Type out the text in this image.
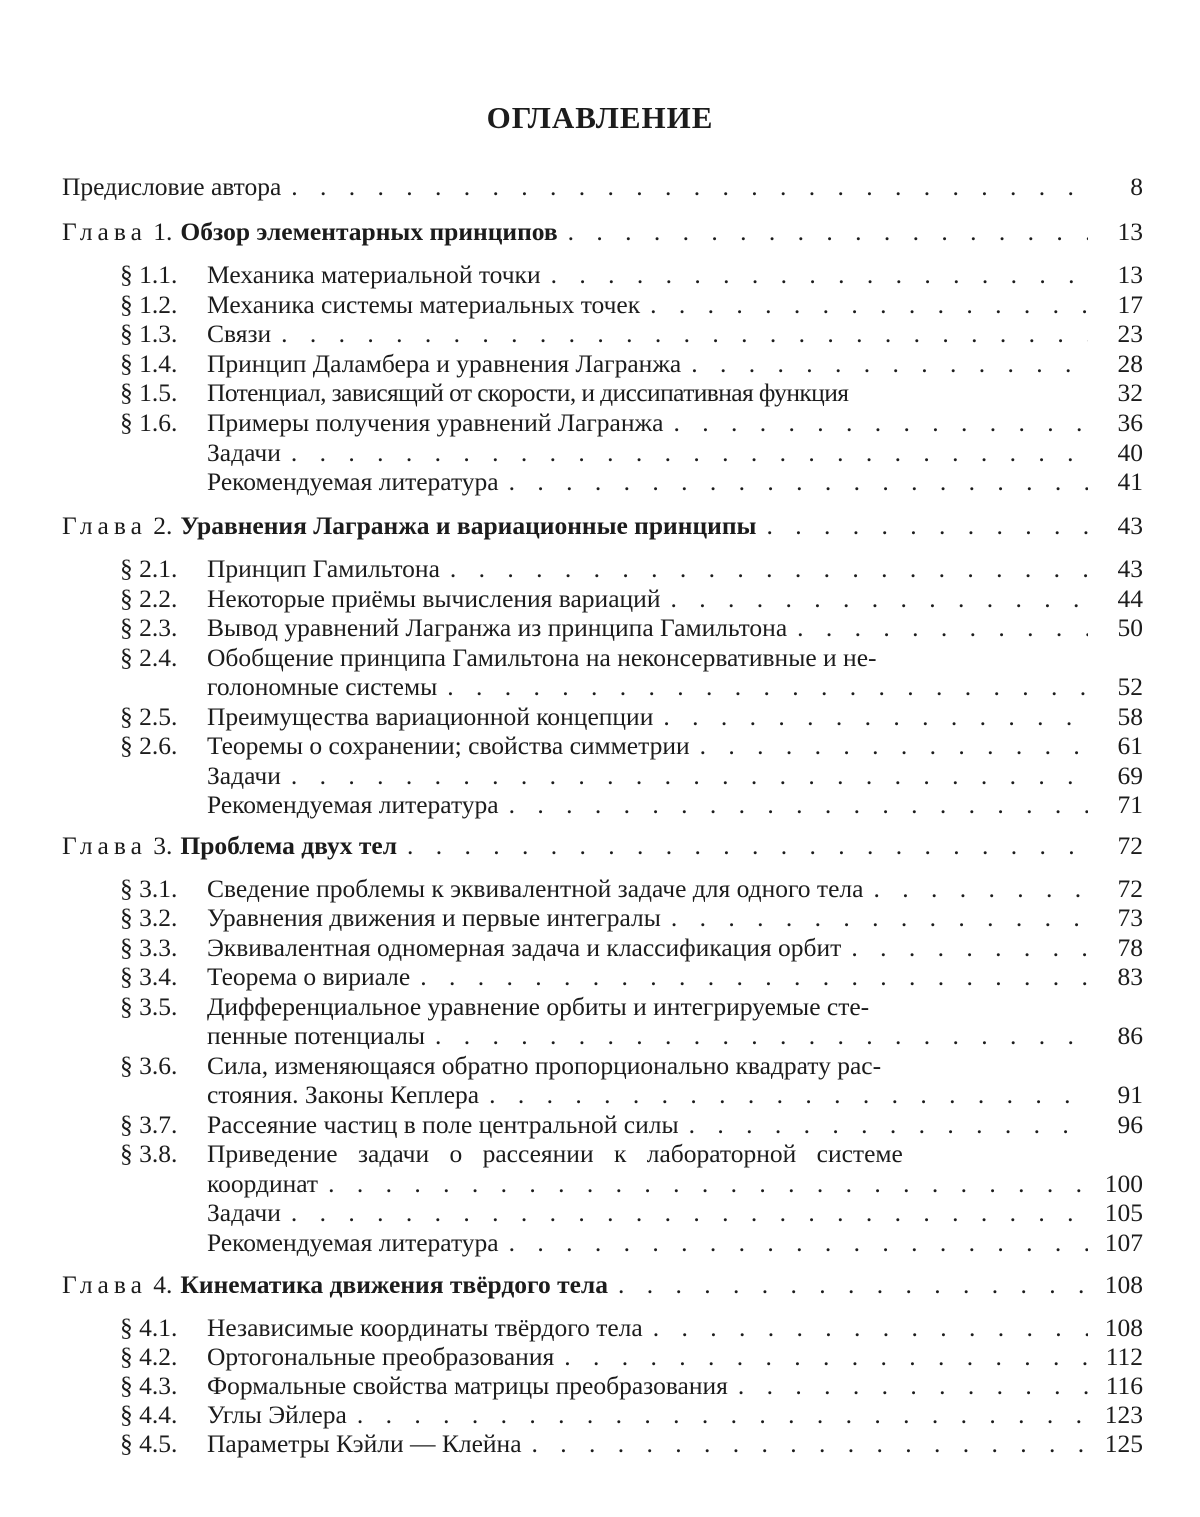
ОГЛАВЛЕНИЕ
Предисловие автора . . .	8
Глава 1. Обзор элементарных принципов . . .	13
§ 1.1.	Механика материальной точки . . .	13
§ 1.2.	Механика системы материальных точек . . .	17
§ 1.3.	Связи . . .	23
§ 1.4.	Принцип Даламбера и уравнения Лагранжа . . .	28
§ 1.5.	Потенциал, зависящий от скорости, и диссипативная функция	32
§ 1.6.	Примеры получения уравнений Лагранжа . . .	36
Задачи . . .	40
Рекомендуемая литература . . .	41
Глава 2. Уравнения Лагранжа и вариационные принципы . . .	43
§ 2.1.	Принцип Гамильтона . . .	43
§ 2.2.	Некоторые приёмы вычисления вариаций . . .	44
§ 2.3.	Вывод уравнений Лагранжа из принципа Гамильтона . . .	50
§ 2.4.	Обобщение принципа Гамильтона на неконсервативные и не-
голономные системы . . .	52
§ 2.5.	Преимущества вариационной концепции . . .	58
§ 2.6.	Теоремы о сохранении; свойства симметрии . . .	61
Задачи . . .	69
Рекомендуемая литература . . .	71
Глава 3. Проблема двух тел . . .	72
§ 3.1.	Сведение проблемы к эквивалентной задаче для одного тела . . .	72
§ 3.2.	Уравнения движения и первые интегралы . . .	73
§ 3.3.	Эквивалентная одномерная задача и классификация орбит . . .	78
§ 3.4.	Теорема о вириале . . .	83
§ 3.5.	Дифференциальное уравнение орбиты и интегрируемые сте-
пенные потенциалы . . .	86
§ 3.6.	Сила, изменяющаяся обратно пропорционально квадрату рас-
стояния. Законы Кеплера . . .	91
§ 3.7.	Рассеяние частиц в поле центральной силы . . .	96
§ 3.8.	Приведение задачи о рассеянии к лабораторной системе
координат . . .	100
Задачи . . .	105
Рекомендуемая литература . . .	107
Глава 4. Кинематика движения твёрдого тела . . .	108
§ 4.1.	Независимые координаты твёрдого тела . . .	108
§ 4.2.	Ортогональные преобразования . . .	112
§ 4.3.	Формальные свойства матрицы преобразования . . .	116
§ 4.4.	Углы Эйлера . . .	123
§ 4.5.	Параметры Кэйли — Клейна . . .	125
